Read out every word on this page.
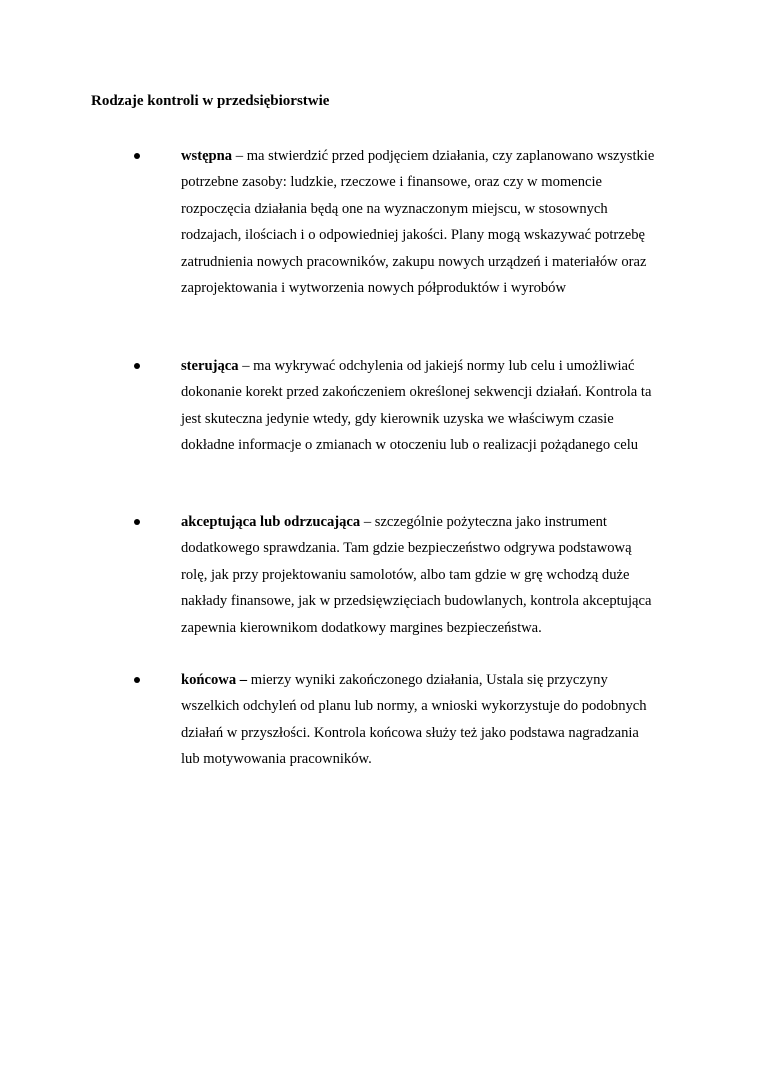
Rodzaje kontroli w przedsiębiorstwie
wstępna – ma stwierdzić przed podjęciem działania, czy zaplanowano wszystkie potrzebne zasoby: ludzkie, rzeczowe i finansowe, oraz czy w momencie rozpoczęcia działania będą one na wyznaczonym miejscu, w stosownych rodzajach, ilościach i o odpowiedniej jakości. Plany mogą wskazywać potrzebę zatrudnienia nowych pracowników, zakupu nowych urządzeń i materiałów oraz zaprojektowania i wytworzenia nowych półproduktów i wyrobów
sterująca – ma wykrywać odchylenia od jakiejś normy lub celu i umożliwiać dokonanie korekt przed zakończeniem określonej sekwencji działań. Kontrola ta jest skuteczna jedynie wtedy, gdy kierownik uzyska we właściwym czasie dokładne informacje o zmianach w otoczeniu lub o realizacji pożądanego celu
akceptująca lub odrzucająca – szczególnie pożyteczna jako instrument dodatkowego sprawdzania. Tam gdzie bezpieczeństwo odgrywa podstawową rolę, jak przy projektowaniu samolotów, albo tam gdzie w grę wchodzą duże nakłady finansowe, jak w przedsięwzięciach budowlanych, kontrola akceptująca zapewnia kierownikom dodatkowy margines bezpieczeństwa.
końcowa – mierzy wyniki zakończonego działania, Ustala się przyczyny wszelkich odchyleń od planu lub normy, a wnioski wykorzystuje do podobnych działań w przyszłości. Kontrola końcowa służy też jako podstawa nagradzania lub motywowania pracowników.
